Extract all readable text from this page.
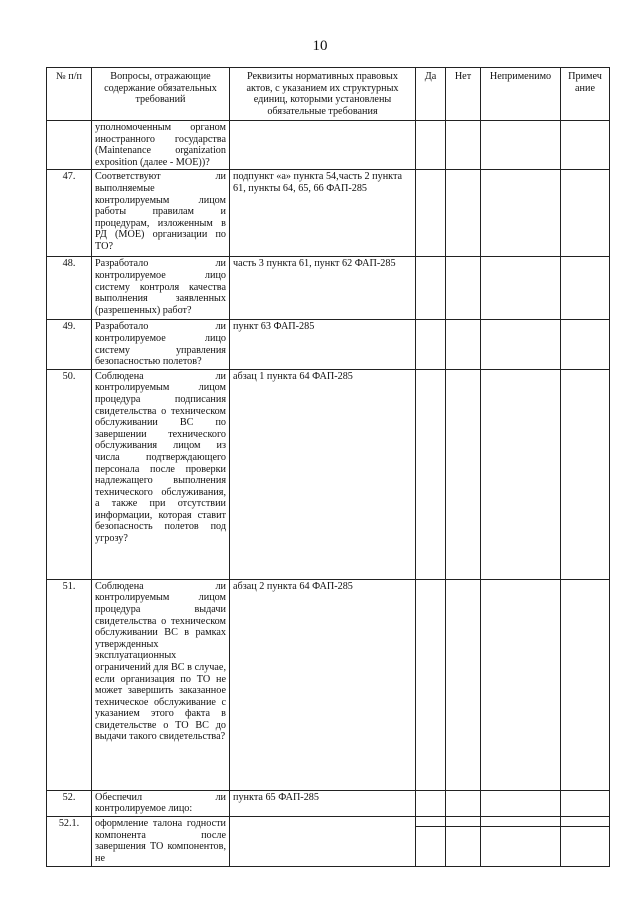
10
№ п/п	Вопросы, отражающие содержание обязательных требований	Реквизиты нормативных правовых актов, с указанием их структурных единиц, которыми установлены обязательные требования	Да	Нет	Неприменимо	Примеч ание
	уполномоченным органом иностранного государства (Maintenance organization exposition (далее - МОЕ))?					
47.	Соответствуют ли выполняемые контролируемым лицом работы правилам и процедурам, изложенным в РД (МОЕ) организации по ТО?	подпункт «а» пункта 54,часть 2 пункта 61, пункты 64, 65, 66 ФАП-285				
48.	Разработало ли контролируемое лицо систему контроля качества выполнения заявленных (разрешенных) работ?	часть 3 пункта 61, пункт 62 ФАП-285				
49.	Разработало ли контролируемое лицо систему управления безопасностью полетов?	пункт 63 ФАП-285				
50.	Соблюдена ли контролируемым лицом процедура подписания свидетельства о техническом обслуживании ВС по завершении технического обслуживания лицом из числа подтверждающего персонала после проверки надлежащего выполнения технического обслуживания, а также при отсутствии информации, которая ставит безопасность полетов под угрозу?	абзац 1 пункта 64 ФАП-285				
51.	Соблюдена ли контролируемым лицом процедура выдачи свидетельства о техническом обслуживании ВС в рамках утвержденных эксплуатационных ограничений для ВС в случае, если организация по ТО не может завершить заказанное техническое обслуживание с указанием этого факта в свидетельстве о ТО ВС до выдачи такого свидетельства?	абзац 2 пункта 64 ФАП-285				
52.	Обеспечил ли контролируемое лицо:	пункта 65 ФАП-285				
52.1.	оформление талона годности компонента после завершения ТО компонентов, не		
